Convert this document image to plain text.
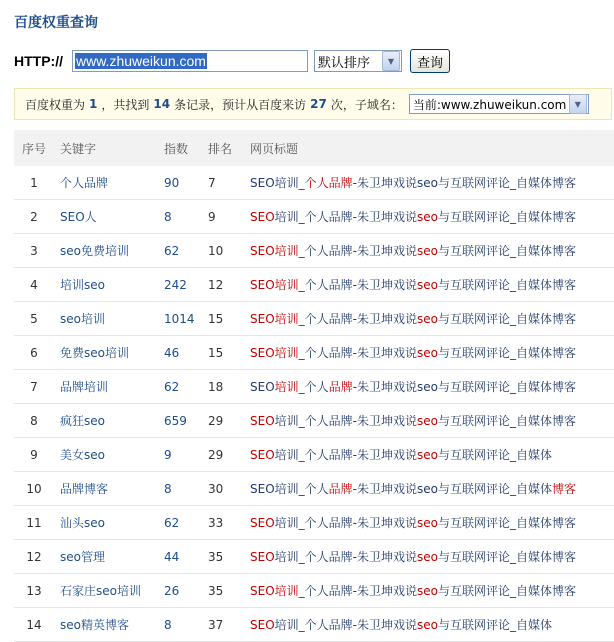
百度权重查询
HTTP:// www.zhuweikun.com	默认排序	▼	查询
百度权重为 1 ，共找到 14 条记录，预计从百度来访 27 次 ，子域名： 当前:www.zhuweikun.com	▼
序号	关键字	指数	排名	网页标题
1	个人品牌	90	7	SEO培训_个人品牌-朱卫坤戏说seo与互联网评论_自媒体博客
2	SEO人	8	9	SEO培训_个人品牌-朱卫坤戏说seo与互联网评论_自媒体博客
3	seo免费培训	62	10	SEO培训_个人品牌-朱卫坤戏说seo与互联网评论_自媒体博客
4	培训seo	242	12	SEO培训_个人品牌-朱卫坤戏说seo与互联网评论_自媒体博客
5	seo培训	1014	15	SEO培训_个人品牌-朱卫坤戏说seo与互联网评论_自媒体博客
6	免费seo培训	46	15	SEO培训_个人品牌-朱卫坤戏说seo与互联网评论_自媒体博客
7	品牌培训	62	18	SEO培训_个人品牌-朱卫坤戏说seo与互联网评论_自媒体博客
8	疯狂seo	659	29	SEO培训_个人品牌-朱卫坤戏说seo与互联网评论_自媒体博客
9	美女seo	9	29	SEO培训_个人品牌-朱卫坤戏说seo与互联网评论_自媒体
10	品牌博客	8	30	SEO培训_个人品牌-朱卫坤戏说seo与互联网评论_自媒体博客
11	汕头seo	62	33	SEO培训_个人品牌-朱卫坤戏说seo与互联网评论_自媒体博客
12	seo管理	44	35	SEO培训_个人品牌-朱卫坤戏说seo与互联网评论_自媒体博客
13	石家庄seo培训	26	35	SEO培训_个人品牌-朱卫坤戏说seo与互联网评论_自媒体博客
14	seo精英博客	8	37	SEO培训_个人品牌-朱卫坤戏说seo与互联网评论_自媒体
